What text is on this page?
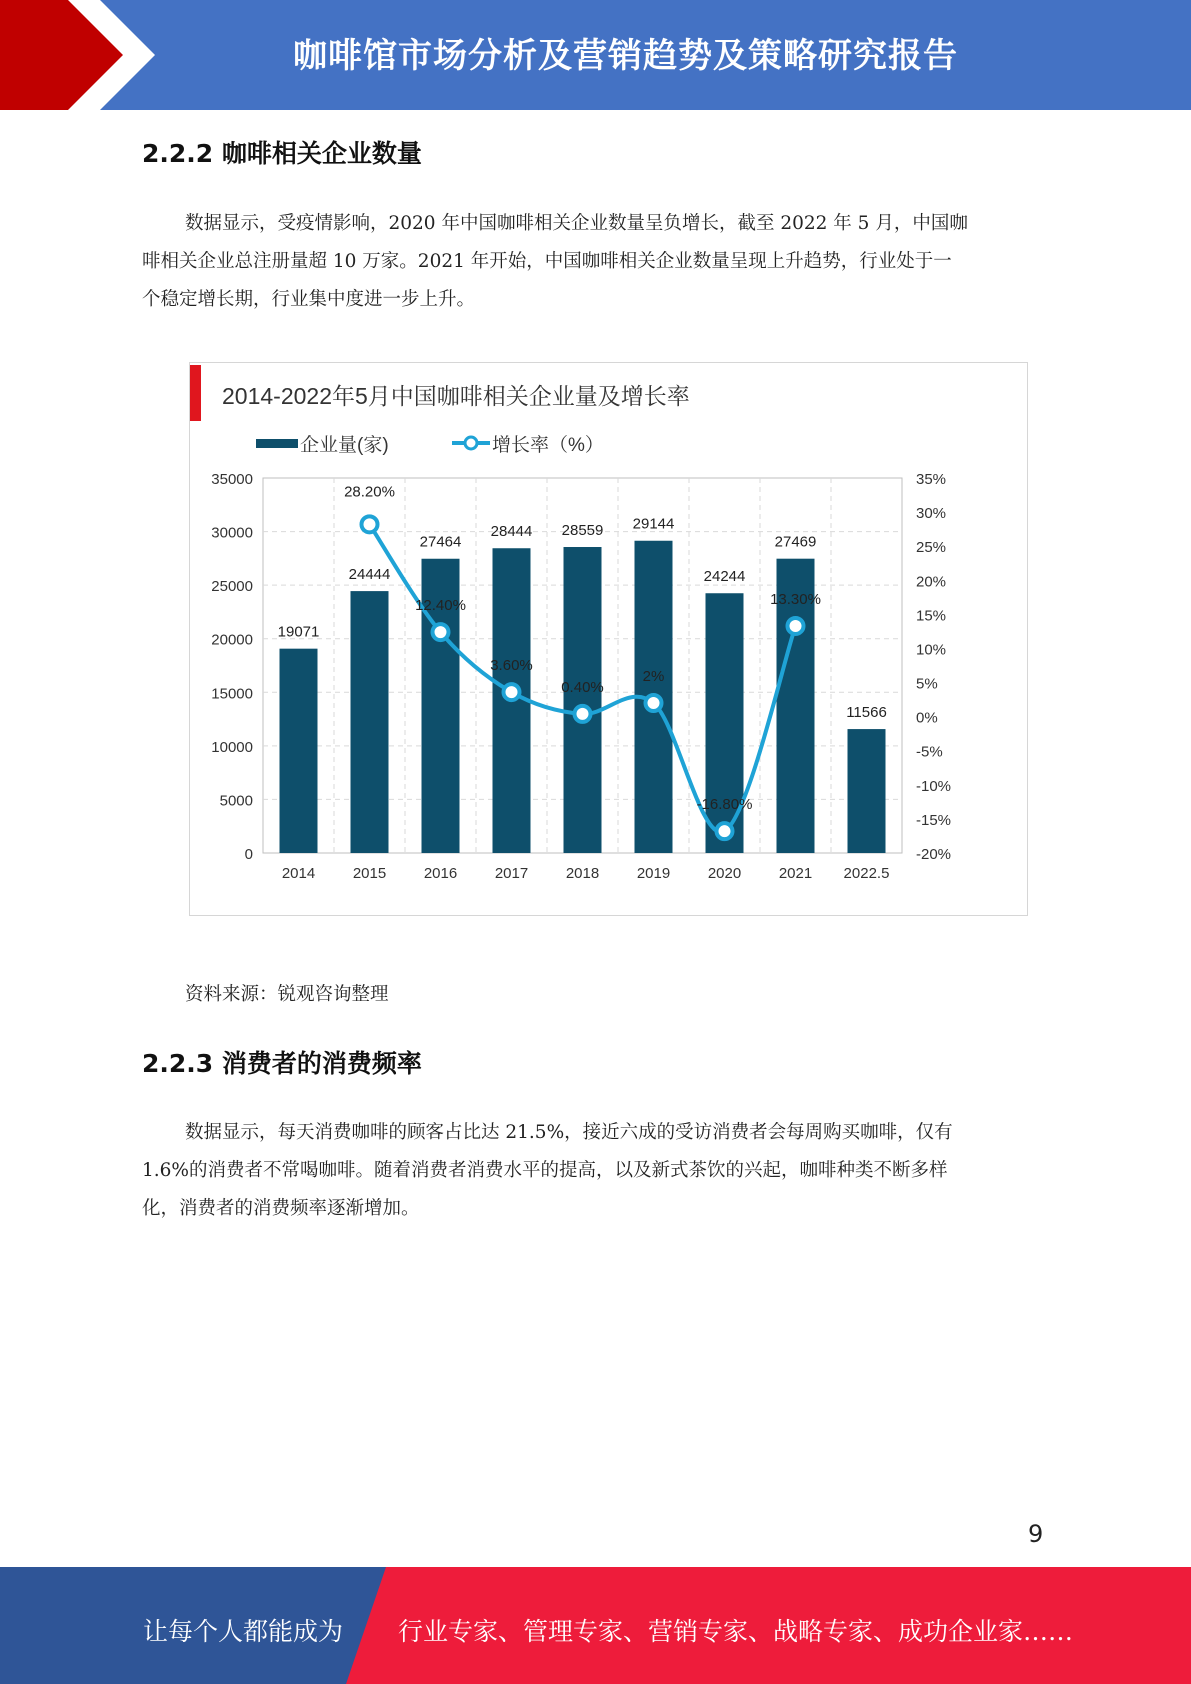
咖啡馆市场分析及营销趋势及策略研究报告
2.2.2 咖啡相关企业数量
数据显示，受疫情影响，2020 年中国咖啡相关企业数量呈负增长，截至 2022 年 5 月，中国咖
啡相关企业总注册量超 10 万家。2021 年开始，中国咖啡相关企业数量呈现上升趋势，行业处于一
个稳定增长期，行业集中度进一步上升。
2014-2022年5月中国咖啡相关企业量及增长率
企业量(家)	增长率（%）
35000
30000
25000
20000
15000
10000
5000
0
35%
30%
25%
20%
15%
10%
5%
0%
-5%
-10%
-15%
-20%
19071
24444
27464
28444 28559 29144
24244
27469
11566
2014	2015	2016	2017	2018	2019	2020	2021 2022.5
28.20%
12.40%
3.60%
0.40%
2%
-16.80%
13.30%
资料来源：锐观咨询整理
2.2.3 消费者的消费频率
数据显示，每天消费咖啡的顾客占比达 21.5%，接近六成的受访消费者会每周购买咖啡，仅有
1.6%的消费者不常喝咖啡。随着消费者消费水平的提高，以及新式茶饮的兴起，咖啡种类不断多样
化，消费者的消费频率逐渐增加。
9
让每个人都能成为 行业专家、管理专家、营销专家、战略专家、成功企业家……
